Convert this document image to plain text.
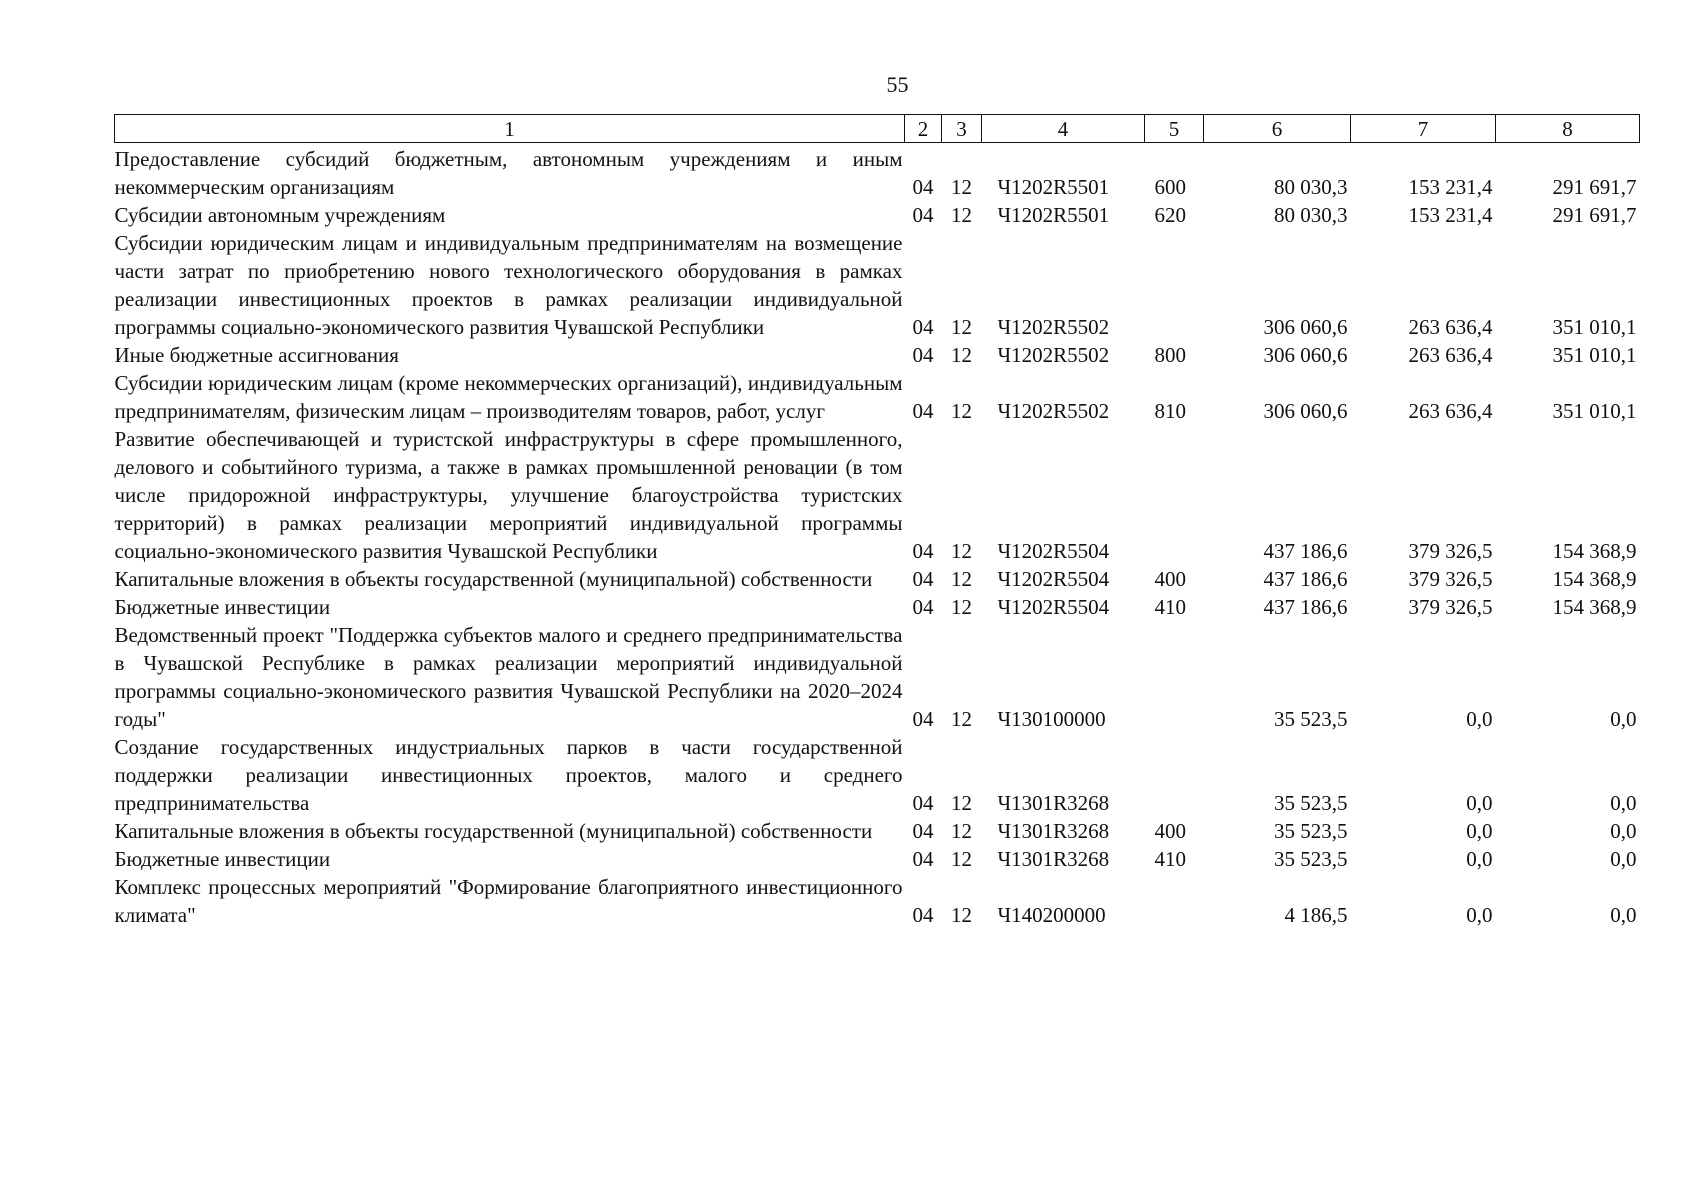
55
1	2	3	4	5	6	7	8
Предоставление субсидий бюджетным, автономным учреждениям и иным некоммерческим организациям	04	12	Ч1202R5501	600	80 030,3	153 231,4	291 691,7
Субсидии автономным учреждениям	04	12	Ч1202R5501	620	80 030,3	153 231,4	291 691,7
Субсидии юридическим лицам и индивидуальным предпринимателям на возмещение части затрат по приобретению нового технологического оборудования в рамках реализации инвестиционных проектов в рамках реализации индивидуальной программы социально-экономического развития Чувашской Республики	04	12	Ч1202R5502		306 060,6	263 636,4	351 010,1
Иные бюджетные ассигнования	04	12	Ч1202R5502	800	306 060,6	263 636,4	351 010,1
Субсидии юридическим лицам (кроме некоммерческих организаций), индивидуальным предпринимателям, физическим лицам – производителям товаров, работ, услуг	04	12	Ч1202R5502	810	306 060,6	263 636,4	351 010,1
Развитие обеспечивающей и туристской инфраструктуры в сфере промышленного, делового и событийного туризма, а также в рамках промышленной реновации (в том числе придорожной инфраструктуры, улучшение благоустройства туристских территорий) в рамках реализации мероприятий индивидуальной программы социально-экономического развития Чувашской Республики	04	12	Ч1202R5504		437 186,6	379 326,5	154 368,9
Капитальные вложения в объекты государственной (муниципальной) собственности	04	12	Ч1202R5504	400	437 186,6	379 326,5	154 368,9
Бюджетные инвестиции	04	12	Ч1202R5504	410	437 186,6	379 326,5	154 368,9
Ведомственный проект "Поддержка субъектов малого и среднего предпринимательства в Чувашской Республике в рамках реализации мероприятий индивидуальной программы социально-экономического развития Чувашской Республики на 2020–2024 годы"	04	12	Ч130100000		35 523,5	0,0	0,0
Создание государственных индустриальных парков в части государственной поддержки реализации инвестиционных проектов, малого и среднего предпринимательства	04	12	Ч1301R3268		35 523,5	0,0	0,0
Капитальные вложения в объекты государственной (муниципальной) собственности	04	12	Ч1301R3268	400	35 523,5	0,0	0,0
Бюджетные инвестиции	04	12	Ч1301R3268	410	35 523,5	0,0	0,0
Комплекс процессных мероприятий "Формирование благоприятного инвестиционного климата"	04	12	Ч140200000		4 186,5	0,0	0,0
